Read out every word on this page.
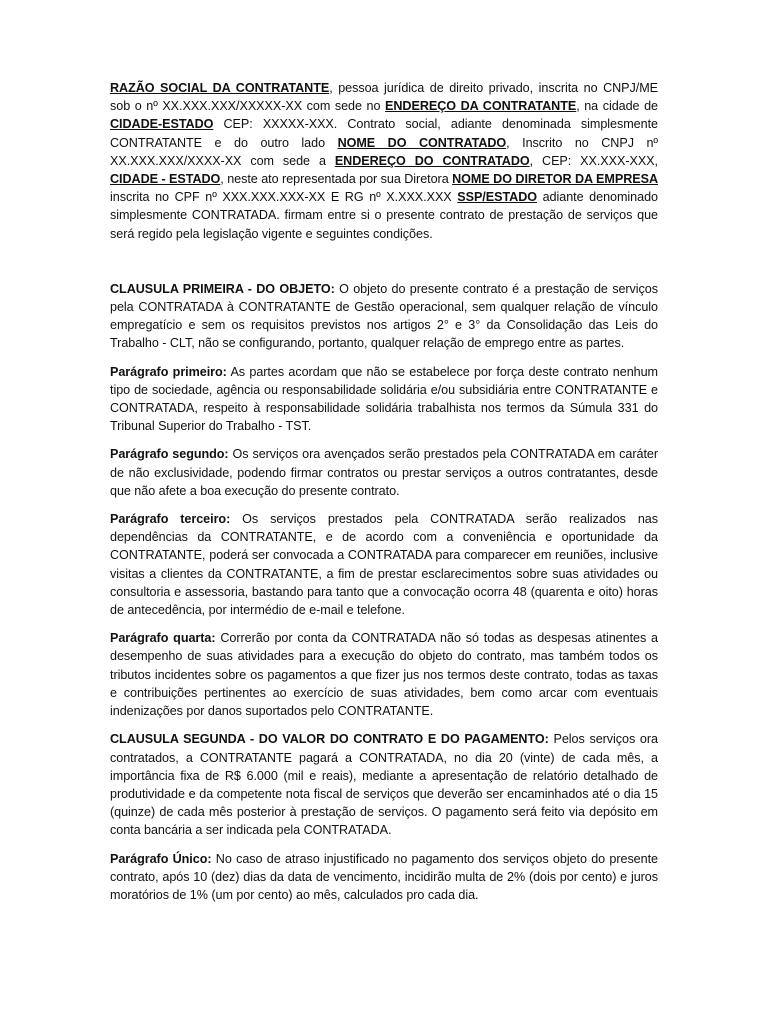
RAZÃO SOCIAL DA CONTRATANTE, pessoa jurídica de direito privado, inscrita no CNPJ/ME sob o nº XX.XXX.XXX/XXXXX-XX com sede no ENDEREÇO DA CONTRATANTE, na cidade de CIDADE-ESTADO CEP: XXXXX-XXX. Contrato social, adiante denominada simplesmente CONTRATANTE e do outro lado NOME DO CONTRATADO, Inscrito no CNPJ nº XX.XXX.XXX/XXXX-XX com sede a ENDEREÇO DO CONTRATADO, CEP: XX.XXX-XXX, CIDADE - ESTADO, neste ato representada por sua Diretora NOME DO DIRETOR DA EMPRESA inscrita no CPF nº XXX.XXX.XXX-XX E RG nº X.XXX.XXX SSP/ESTADO adiante denominado simplesmente CONTRATADA. firmam entre si o presente contrato de prestação de serviços que será regido pela legislação vigente e seguintes condições.

CLAUSULA PRIMEIRA - DO OBJETO: O objeto do presente contrato é a prestação de serviços pela CONTRATADA à CONTRATANTE de Gestão operacional, sem qualquer relação de vínculo empregatício e sem os requisitos previstos nos artigos 2° e 3° da Consolidação das Leis do Trabalho - CLT, não se configurando, portanto, qualquer relação de emprego entre as partes.

Parágrafo primeiro: As partes acordam que não se estabelece por força deste contrato nenhum tipo de sociedade, agência ou responsabilidade solidária e/ou subsidiária entre CONTRATANTE e CONTRATADA, respeito à responsabilidade solidária trabalhista nos termos da Súmula 331 do Tribunal Superior do Trabalho - TST.

Parágrafo segundo: Os serviços ora avençados serão prestados pela CONTRATADA em caráter de não exclusividade, podendo firmar contratos ou prestar serviços a outros contratantes, desde que não afete a boa execução do presente contrato.

Parágrafo terceiro: Os serviços prestados pela CONTRATADA serão realizados nas dependências da CONTRATANTE, e de acordo com a conveniência e oportunidade da CONTRATANTE, poderá ser convocada a CONTRATADA para comparecer em reuniões, inclusive visitas a clientes da CONTRATANTE, a fim de prestar esclarecimentos sobre suas atividades ou consultoria e assessoria, bastando para tanto que a convocação ocorra 48 (quarenta e oito) horas de antecedência, por intermédio de e-mail e telefone.

Parágrafo quarta: Correrão por conta da CONTRATADA não só todas as despesas atinentes a desempenho de suas atividades para a execução do objeto do contrato, mas também todos os tributos incidentes sobre os pagamentos a que fizer jus nos termos deste contrato, todas as taxas e contribuições pertinentes ao exercício de suas atividades, bem como arcar com eventuais indenizações por danos suportados pelo CONTRATANTE.

CLAUSULA SEGUNDA - DO VALOR DO CONTRATO E DO PAGAMENTO: Pelos serviços ora contratados, a CONTRATANTE pagará a CONTRATADA, no dia 20 (vinte) de cada mês, a importância fixa de R$ 6.000 (mil e reais), mediante a apresentação de relatório detalhado de produtividade e da competente nota fiscal de serviços que deverão ser encaminhados até o dia 15 (quinze) de cada mês posterior à prestação de serviços. O pagamento será feito via depósito em conta bancária a ser indicada pela CONTRATADA.

Parágrafo Único: No caso de atraso injustificado no pagamento dos serviços objeto do presente contrato, após 10 (dez) dias da data de vencimento, incidirão multa de 2% (dois por cento) e juros moratórios de 1% (um por cento) ao mês, calculados pro cada dia.
